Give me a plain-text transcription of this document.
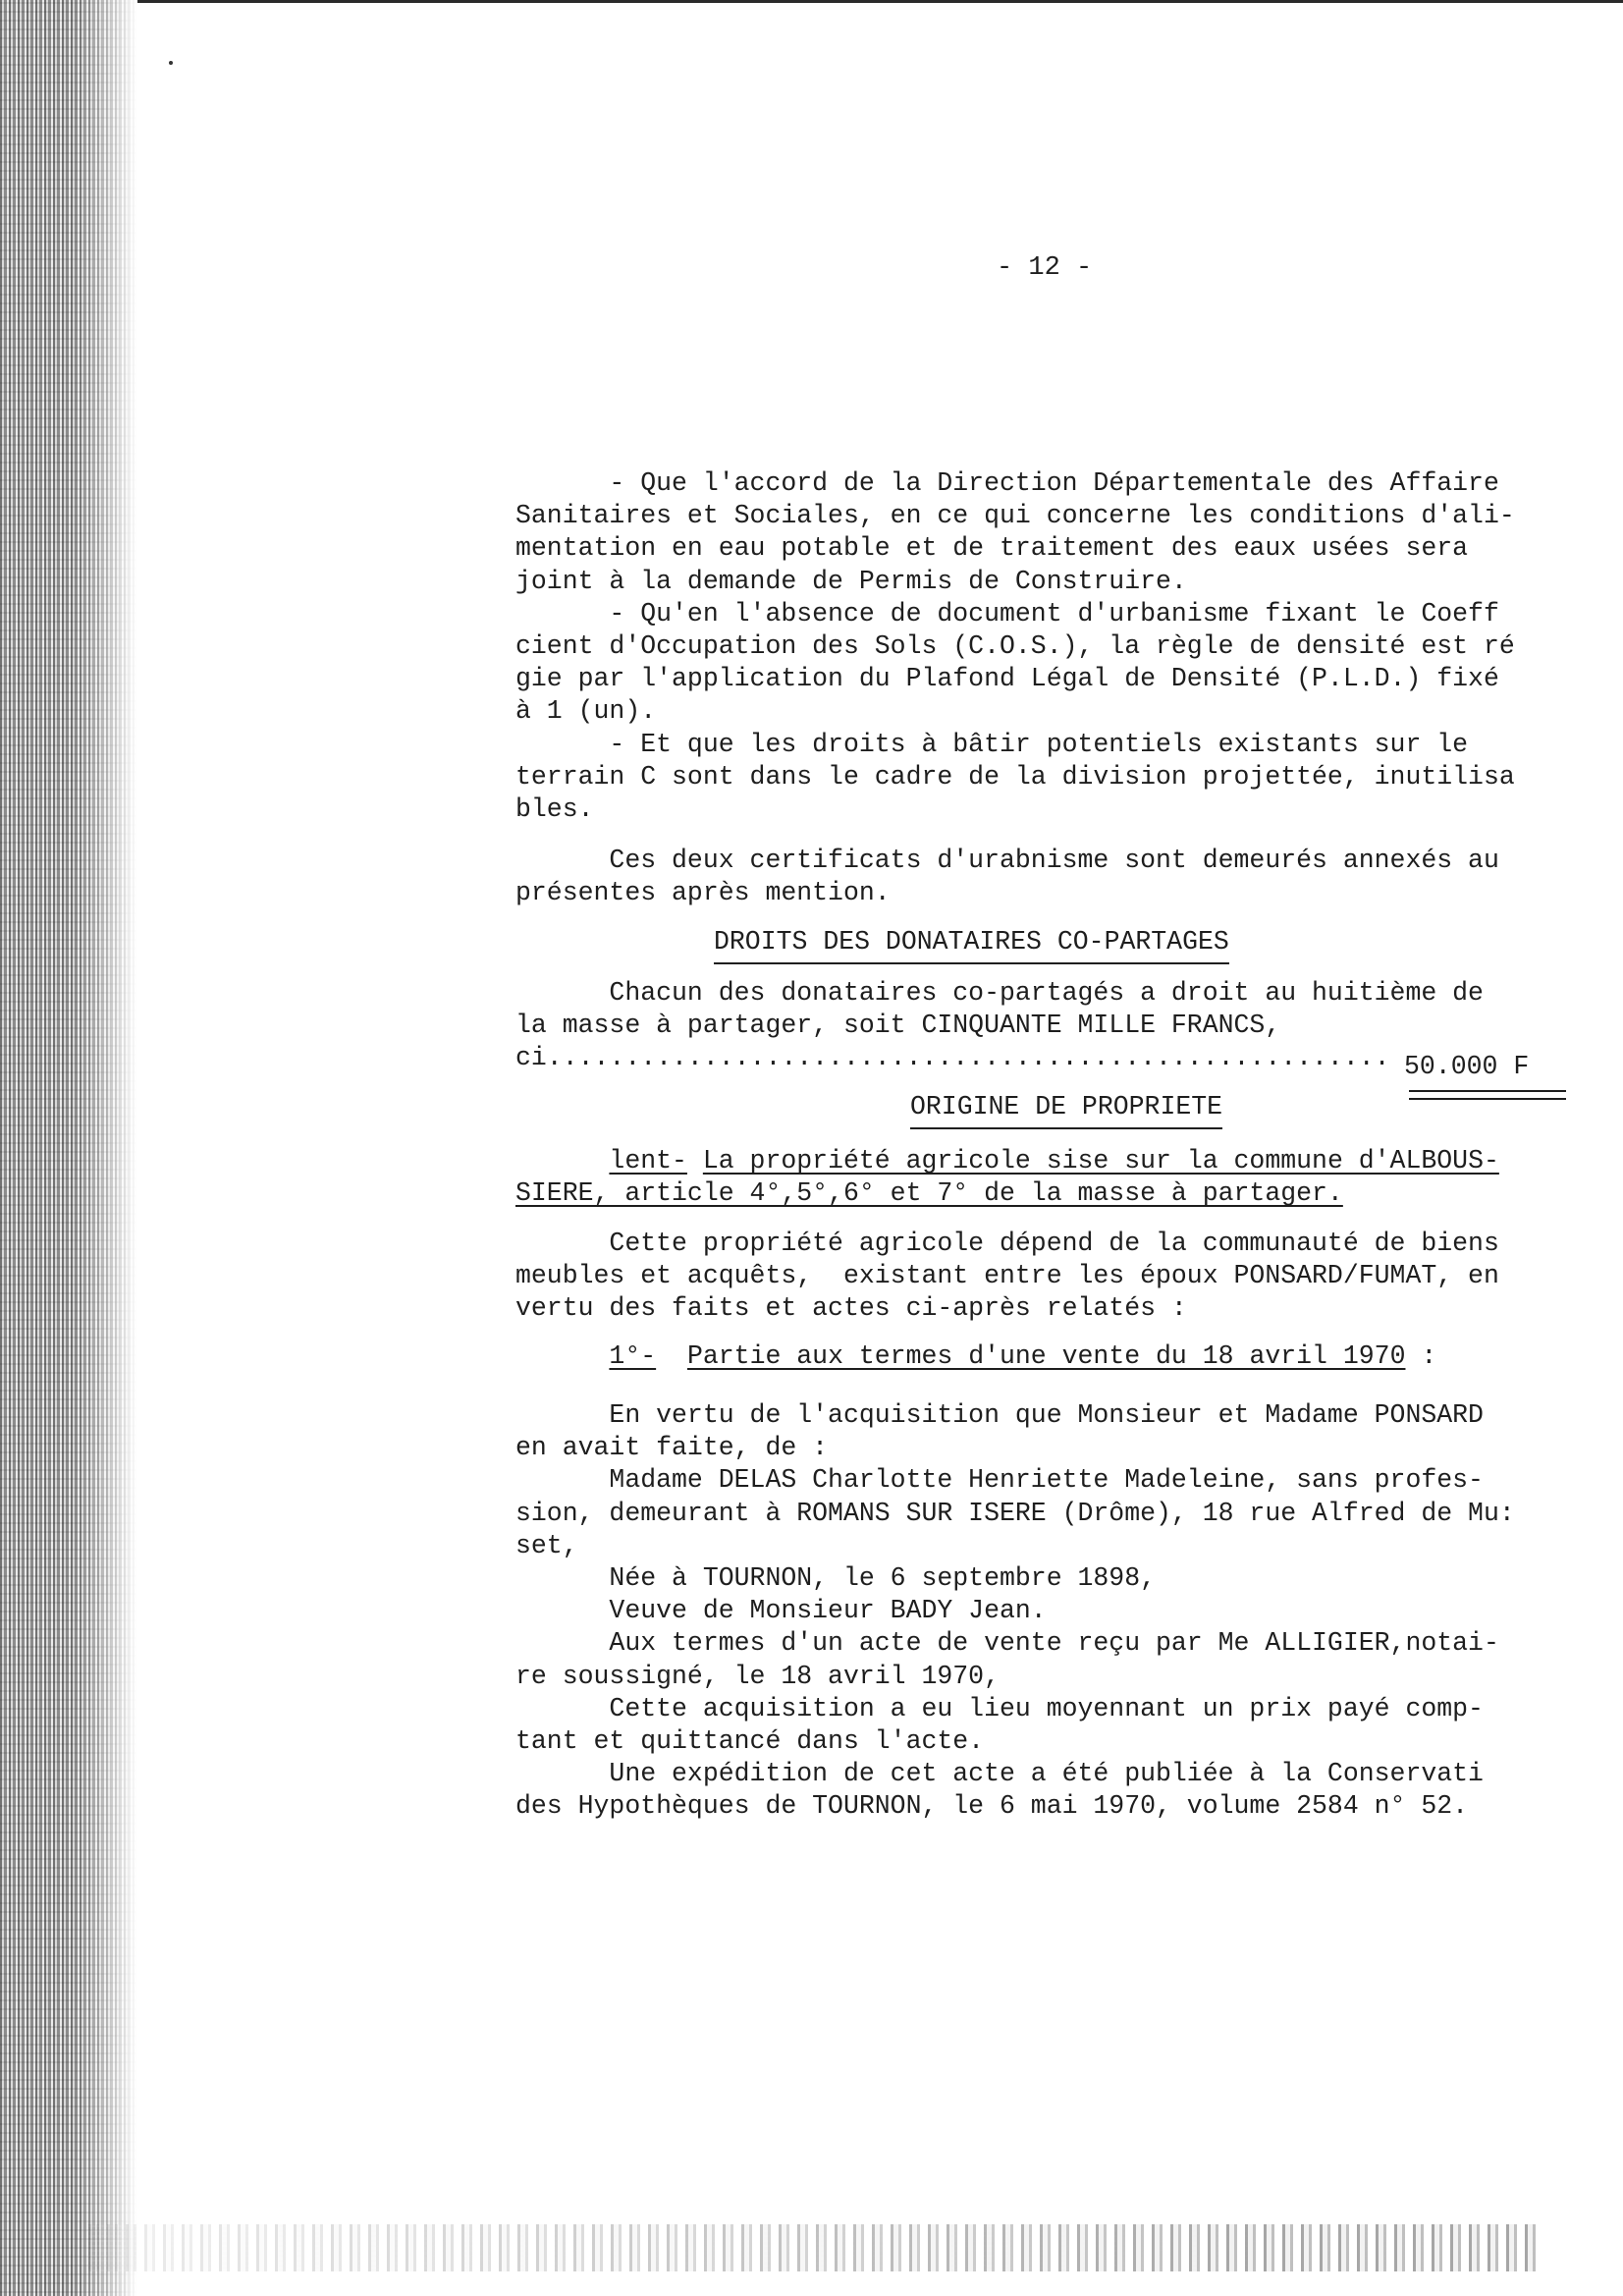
- 12 -
- Que l'accord de la Direction Départementale des Affaire
Sanitaires et Sociales, en ce qui concerne les conditions d'ali-
mentation en eau potable et de traitement des eaux usées sera
joint à la demande de Permis de Construire.
- Qu'en l'absence de document d'urbanisme fixant le Coeff
cient d'Occupation des Sols (C.O.S.), la règle de densité est ré
gie par l'application du Plafond Légal de Densité (P.L.D.) fixé
à 1 (un).
- Et que les droits à bâtir potentiels existants sur le
terrain C sont dans le cadre de la division projettée, inutilisa
bles.
Ces deux certificats d'urabnisme sont demeurés annexés au
présentes après mention.
DROITS DES DONATAIRES CO-PARTAGES
Chacun des donataires co-partagés a droit au huitième de
la masse à partager, soit CINQUANTE MILLE FRANCS,
ci...................................................... 50.000 F
ORIGINE DE PROPRIETE
lent- La propriété agricole sise sur la commune d'ALBOUS-
SIERE, article 4°,5°,6° et 7° de la masse à partager.
Cette propriété agricole dépend de la communauté de biens
meubles et acquêts,  existant entre les époux PONSARD/FUMAT, en
vertu des faits et actes ci-après relatés :
1°- Partie aux termes d'une vente du 18 avril 1970 :
En vertu de l'acquisition que Monsieur et Madame PONSARD
en avait faite, de :
Madame DELAS Charlotte Henriette Madeleine, sans profes-
sion, demeurant à ROMANS SUR ISERE (Drôme), 18 rue Alfred de Mu:
set,
Née à TOURNON, le 6 septembre 1898,
Veuve de Monsieur BADY Jean.
Aux termes d'un acte de vente reçu par Me ALLIGIER,notai-
re soussigné, le 18 avril 1970,
Cette acquisition a eu lieu moyennant un prix payé comp-
tant et quittancé dans l'acte.
Une expédition de cet acte a été publiée à la Conservati
des Hypothèques de TOURNON, le 6 mai 1970, volume 2584 n° 52.
